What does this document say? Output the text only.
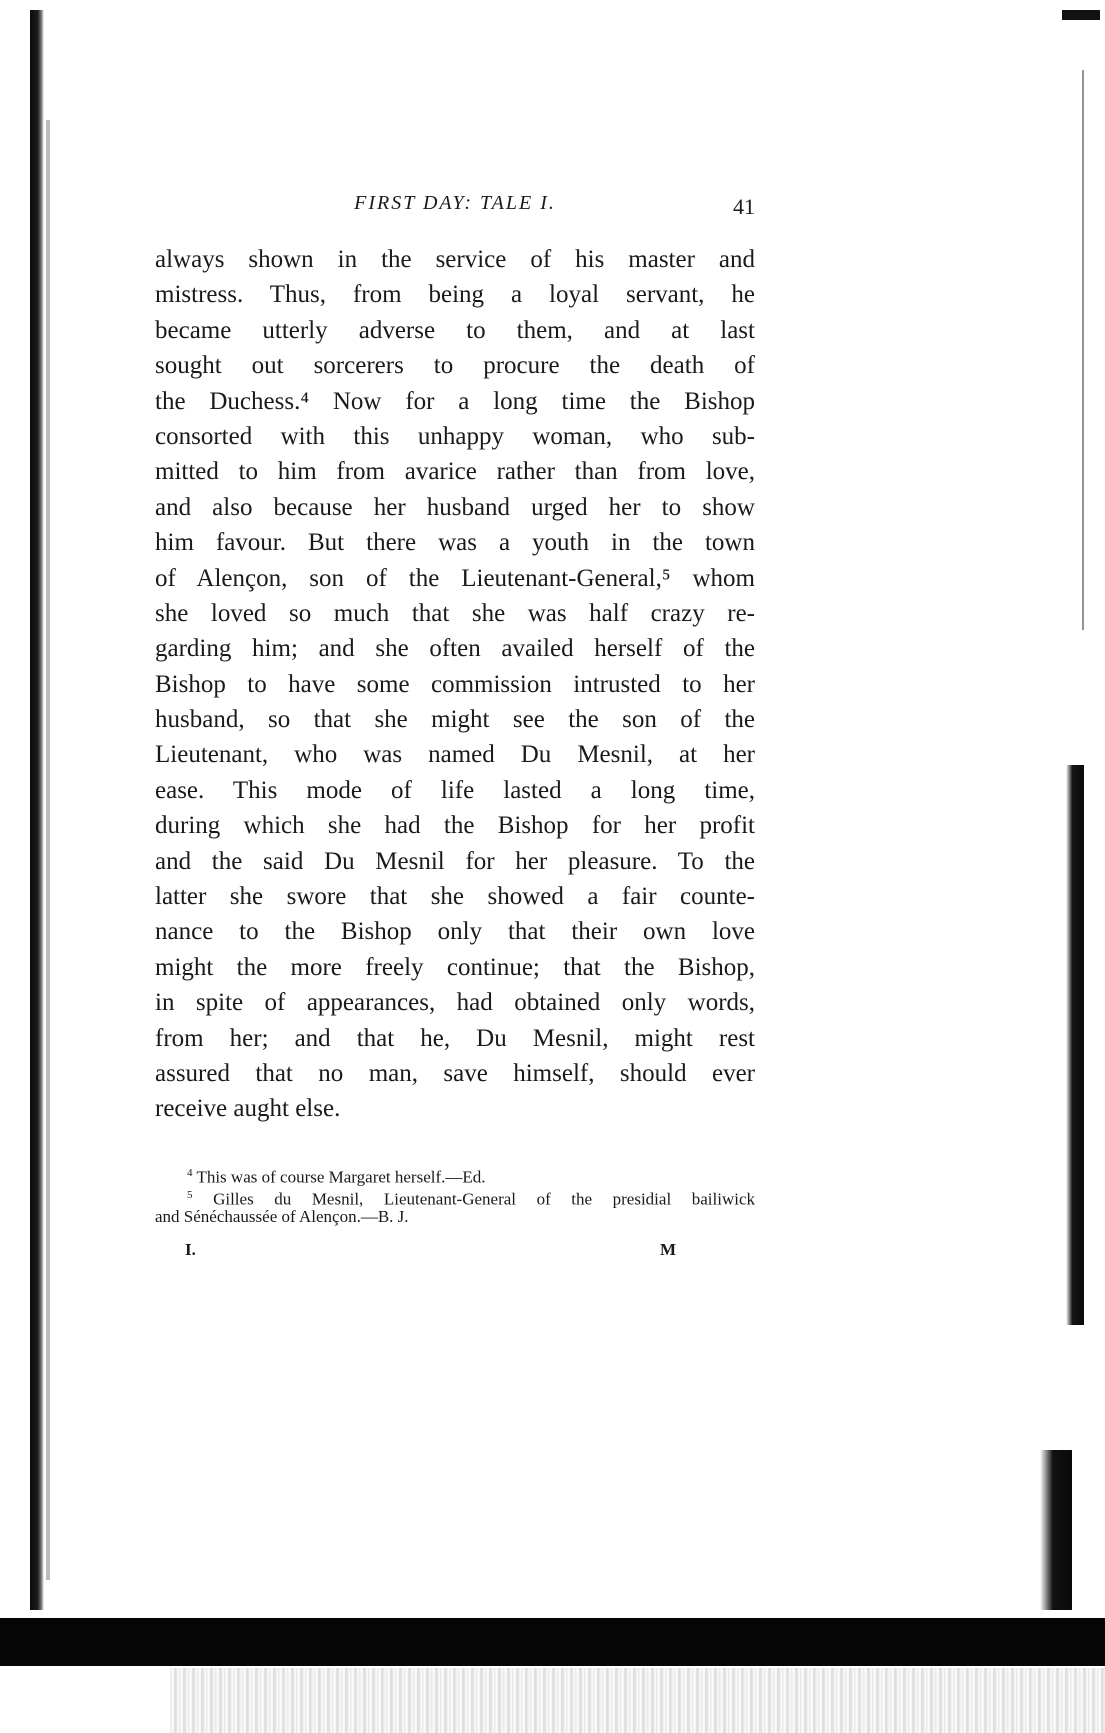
FIRST DAY: TALE I.	41
always shown in the service of his master and
mistress. Thus, from being a loyal servant, he
became utterly adverse to them, and at last
sought out sorcerers to procure the death of
the Duchess.⁴ Now for a long time the Bishop
consorted with this unhappy woman, who sub-
mitted to him from avarice rather than from love,
and also because her husband urged her to show
him favour. But there was a youth in the town
of Alençon, son of the Lieutenant-General,⁵ whom
she loved so much that she was half crazy re-
garding him; and she often availed herself of the
Bishop to have some commission intrusted to her
husband, so that she might see the son of the
Lieutenant, who was named Du Mesnil, at her
ease. This mode of life lasted a long time,
during which she had the Bishop for her profit
and the said Du Mesnil for her pleasure. To the
latter she swore that she showed a fair counte-
nance to the Bishop only that their own love
might the more freely continue; that the Bishop,
in spite of appearances, had obtained only words,
from her; and that he, Du Mesnil, might rest
assured that no man, save himself, should ever
receive aught else.
$^4$ This was of course Margaret herself.—Ed.
$^5$ Gilles du Mesnil, Lieutenant-General of the presidial bailiwick
and Sénéchaussée of Alençon.—B. J.
I.	M
